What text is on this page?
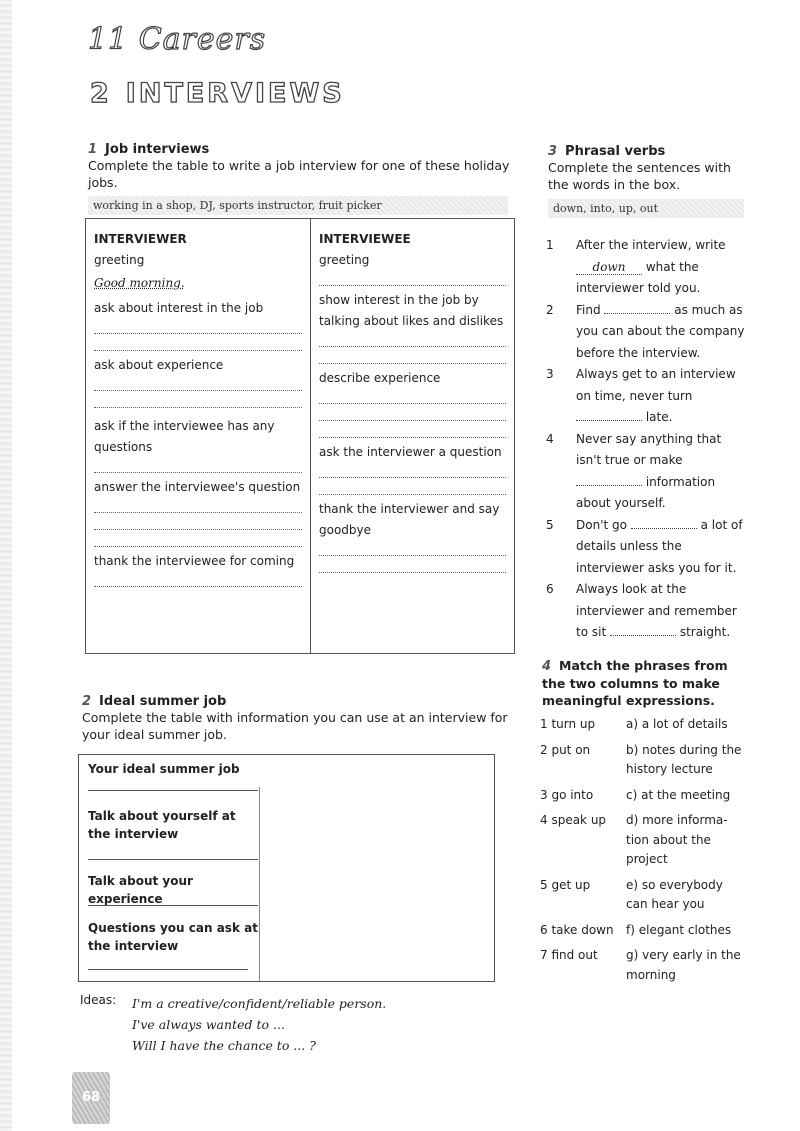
11 Careers
2 INTERVIEWS
1 Job interviews
Complete the table to write a job interview for one of these holiday jobs.
working in a shop, DJ, sports instructor, fruit picker
INTERVIEWER
greeting
Good morning.
ask about interest in the job
ask about experience
ask if the interviewee has any questions
answer the interviewee's question
thank the interviewee for coming

INTERVIEWEE
greeting
show interest in the job by talking about likes and dislikes
describe experience
ask the interviewer a question
thank the interviewer and say goodbye
2 Ideal summer job
Complete the table with information you can use at an interview for your ideal summer job.
Your ideal summer job
Talk about yourself at the interview
Talk about your experience
Questions you can ask at the interview
Ideas: I'm a creative/confident/reliable person.
I've always wanted to ...
Will I have the chance to ... ?
3 Phrasal verbs
Complete the sentences with the words in the box.
down, into, up, out
1	After the interview, write down what the interviewer told you.
2	Find	as much as you can about the company before the interview.
3	Always get to an interview on time, never turn  late.
4	Never say anything that isn't true or make  information about yourself.
5	Don't go	a lot of details unless the interviewer asks you for it.
6	Always look at the interviewer and remember to sit	straight.
4 Match the phrases from the two columns to make meaningful expressions.
1 turn up	a) a lot of details
2 put on	b) notes during the history lecture
3 go into	c) at the meeting
4 speak up	d) more informa-tion about the project
5 get up	e) so everybody can hear you
6 take down	f) elegant clothes
7 find out	g) very early in the morning
68
